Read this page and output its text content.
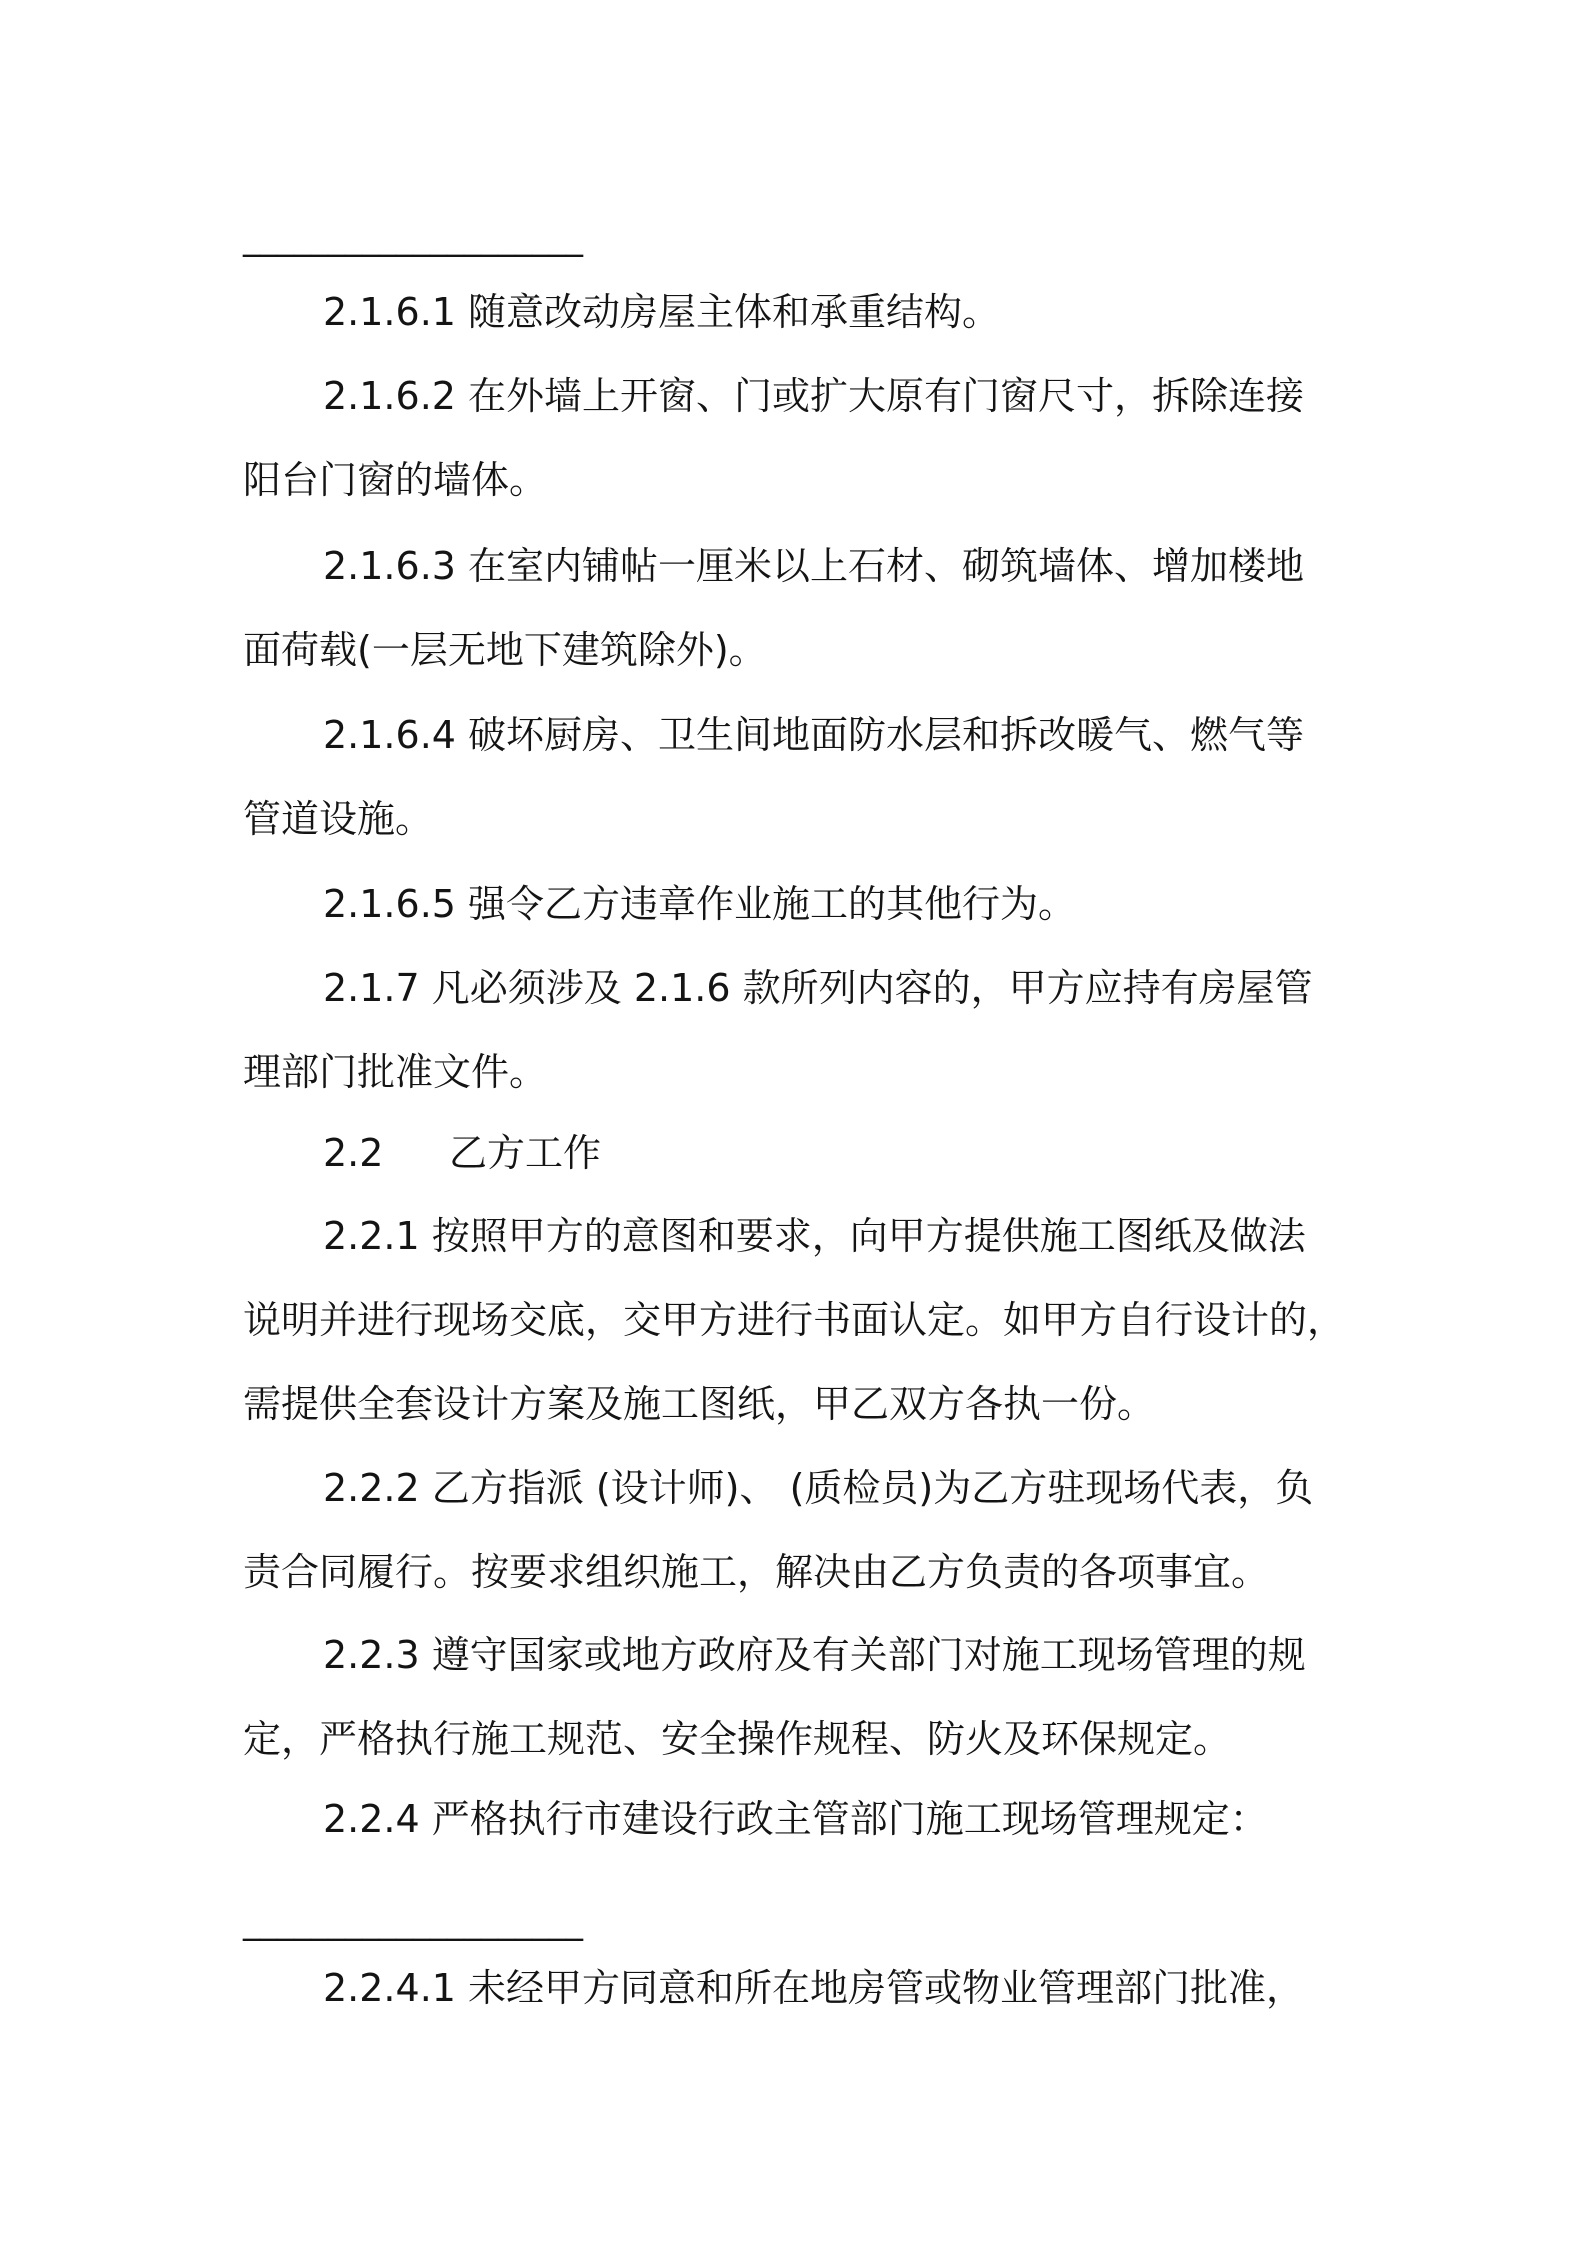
____________________
2.1.6.1 随意改动房屋主体和承重结构。
2.1.6.2 在外墙上开窗、门或扩大原有门窗尺寸，拆除连接
阳台门窗的墙体。
2.1.6.3 在室内铺帖一厘米以上石材、砌筑墙体、增加楼地
面荷载(一层无地下建筑除外)。
2.1.6.4 破坏厨房、卫生间地面防水层和拆改暖气、燃气等
管道设施。
2.1.6.5 强令乙方违章作业施工的其他行为。
2.1.7 凡必须涉及 2.1.6 款所列内容的，甲方应持有房屋管
理部门批准文件。
2.2 乙方工作
2.2.1 按照甲方的意图和要求，向甲方提供施工图纸及做法
说明并进行现场交底，交甲方进行书面认定。如甲方自行设计的，
需提供全套设计方案及施工图纸，甲乙双方各执一份。
2.2.2 乙方指派 (设计师)、 (质检员)为乙方驻现场代表，负
责合同履行。按要求组织施工，解决由乙方负责的各项事宜。
2.2.3 遵守国家或地方政府及有关部门对施工现场管理的规
定，严格执行施工规范、安全操作规程、防火及环保规定。
2.2.4 严格执行市建设行政主管部门施工现场管理规定：
____________________
2.2.4.1 未经甲方同意和所在地房管或物业管理部门批准，
